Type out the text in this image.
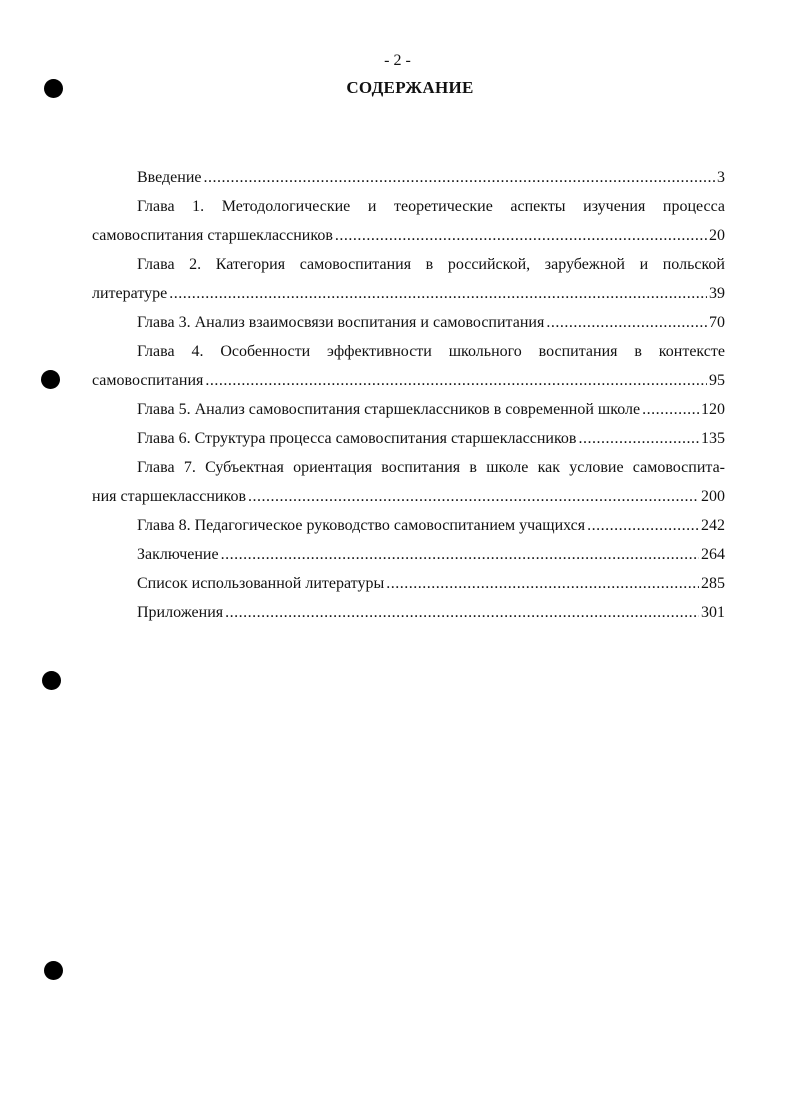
- 2 -
СОДЕРЖАНИЕ
Введение .....	3
Глава 1. Методологические и теоретические аспекты изучения процесса
самовоспитания старшеклассников .....	20
Глава 2. Категория самовоспитания в российской, зарубежной и польской
литературе .....	39
Глава 3. Анализ взаимосвязи воспитания и самовоспитания .....	70
Глава 4. Особенности эффективности школьного воспитания в контексте
самовоспитания .....	95
Глава 5. Анализ самовоспитания старшеклассников в современной школе .....	120
Глава 6. Структура процесса самовоспитания старшеклассников .....	135
Глава 7. Субъектная ориентация воспитания в школе как условие самовоспита-
ния старшеклассников .....	200
Глава 8. Педагогическое руководство самовоспитанием учащихся .....	242
Заключение .....	264
Список использованной литературы .....	285
Приложения .....	301
